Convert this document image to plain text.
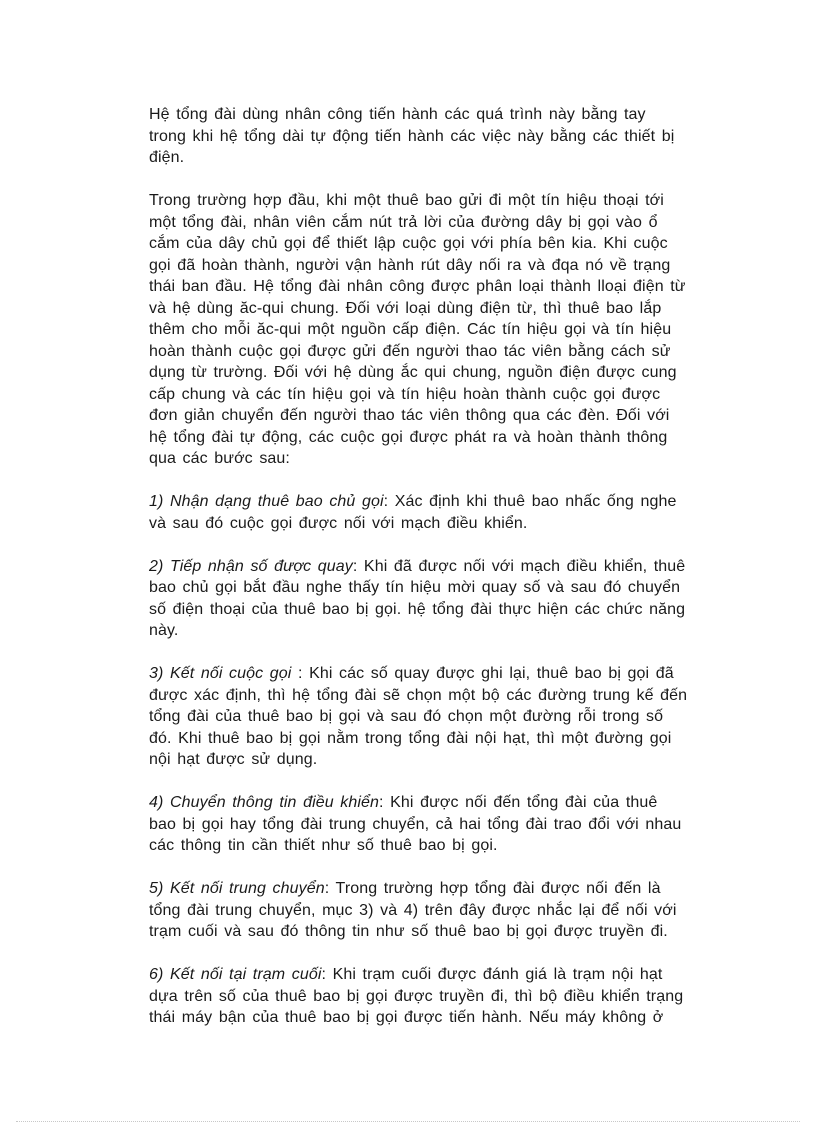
Hệ tổng đài dùng nhân công tiến hành các quá trình này bằng tay
trong khi hệ tổng dài tự động tiến hành các việc này bằng các thiết bị
điện.
Trong trường hợp đầu, khi một thuê bao gửi đi một tín hiệu thoại tới
một tổng đài, nhân viên cắm nút trả lời của đường dây bị gọi vào ổ
cắm của dây chủ gọi để thiết lập cuộc gọi với phía bên kia. Khi cuộc
gọi đã hoàn thành, người vận hành rút dây nối ra và đqa nó về trạng
thái ban đầu. Hệ tổng đài nhân công được phân loại thành lloại điện từ
và hệ dùng ăc-qui chung. Đối với loại dùng điện từ, thì thuê bao lắp
thêm cho mỗi ăc-qui một nguồn cấp điện. Các tín hiệu gọi và tín hiệu
hoàn thành cuộc gọi được gửi đến người thao tác viên bằng cách sử
dụng từ trường. Đối với hệ dùng ắc qui chung, nguồn điện được cung
cấp chung và các tín hiệu gọi và tín hiệu hoàn thành cuộc gọi được
đơn giản chuyển đến người thao tác viên thông qua các đèn. Đối với
hệ tổng đài tự động, các cuộc gọi được phát ra và hoàn thành thông
qua các bước sau:
1) Nhận dạng thuê bao chủ gọi: Xác định khi thuê bao nhấc ống nghe
và sau đó cuộc gọi được nối với mạch điều khiển.
2) Tiếp nhận số được quay: Khi đã được nối với mạch điều khiển, thuê
bao chủ gọi bắt đầu nghe thấy tín hiệu mời quay số và sau đó chuyển
số điện thoại của thuê bao bị gọi. hệ tổng đài thực hiện các chức năng
này.
3) Kết nối cuộc gọi : Khi các số quay được ghi lại, thuê bao bị gọi đã
được xác định, thì hệ tổng đài sẽ chọn một bộ các đường trung kế đến
tổng đài của thuê bao bị gọi và sau đó chọn một đường rỗi trong số
đó. Khi thuê bao bị gọi nằm trong tổng đài nội hạt, thì một đường gọi
nội hạt được sử dụng.
4) Chuyển thông tin điều khiển: Khi được nối đến tổng đài của thuê
bao bị gọi hay tổng đài trung chuyển, cả hai tổng đài trao đổi với nhau
các thông tin cần thiết như số thuê bao bị gọi.
5) Kết nối trung chuyển: Trong trường hợp tổng đài được nối đến là
tổng đài trung chuyển, mục 3) và 4) trên đây được nhắc lại để nối với
trạm cuối và sau đó thông tin như số thuê bao bị gọi được truyền đi.
6) Kết nối tại trạm cuối: Khi trạm cuối được đánh giá là trạm nội hạt
dựa trên số của thuê bao bị gọi được truyền đi, thì bộ điều khiển trạng
thái máy bận của thuê bao bị gọi được tiến hành. Nếu máy không ở
